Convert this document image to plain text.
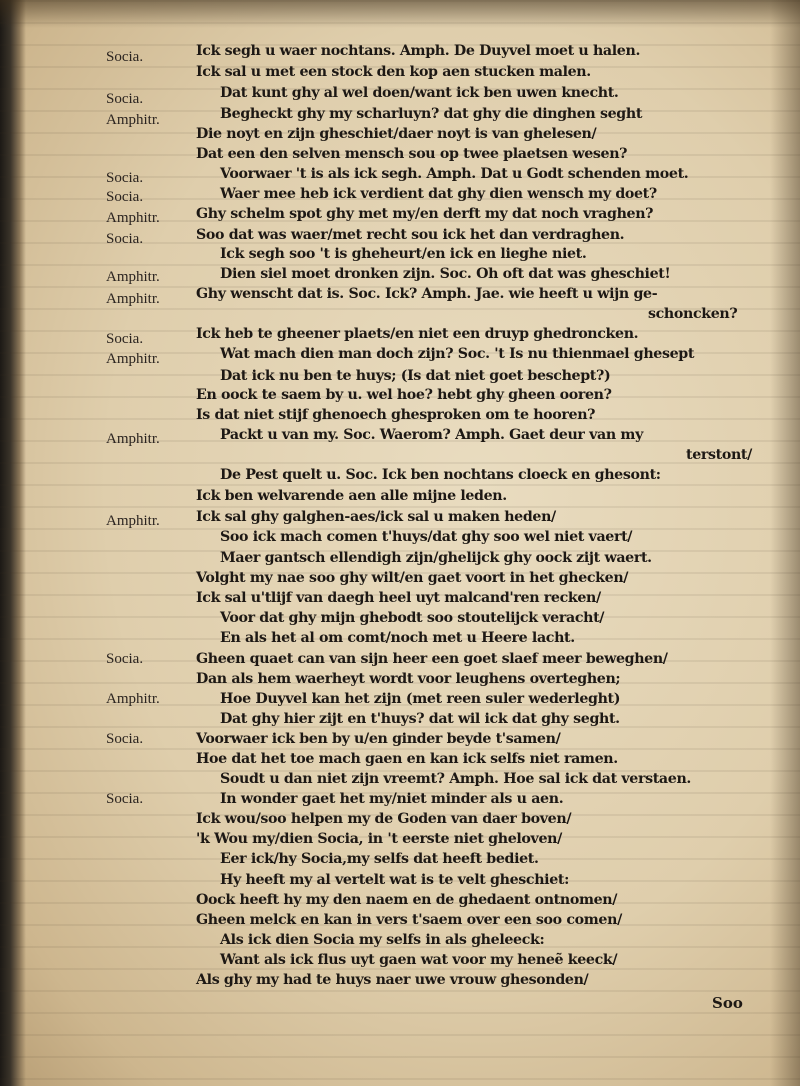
Socia.
Socia.
Amphitr.
Socia.
Socia.
Amphitr.
Socia.
Amphitr.
Amphitr.
Socia.
Amphitr.
Amphitr.
Amphitr.
Socia.
Amphitr.
Socia.
Socia.
Ick segh u waer nochtans. Amph. De Duyvel moet u halen.
Ick sal u met een stock den kop aen stucken malen.
Dat kunt ghy al wel doen/want ick ben uwen knecht.
Begheckt ghy my scharluyn? dat ghy die dinghen seght
Die noyt en zijn gheschiet/daer noyt is van ghelesen/
Dat een den selven mensch sou op twee plaetsen wesen?
Voorwaer 't is als ick segh. Amph. Dat u Godt schenden moet.
Waer mee heb ick verdient dat ghy dien wensch my doet?
Ghy schelm spot ghy met my/en derft my dat noch vraghen?
Soo dat was waer/met recht sou ick het dan verdraghen.
Ick segh soo 't is gheheurt/en ick en lieghe niet.
Dien siel moet dronken zijn. Soc. Oh oft dat was gheschiet!
Ghy wenscht dat is. Soc. Ick? Amph. Jae. wie heeft u wijn ge-
schoncken?
Ick heb te gheener plaets/en niet een druyp ghedroncken.
Wat mach dien man doch zijn? Soc. 't Is nu thienmael ghesept
Dat ick nu ben te huys; (Is dat niet goet beschept?)
En oock te saem by u. wel hoe? hebt ghy gheen ooren?
Is dat niet stijf ghenoech ghesproken om te hooren?
Packt u van my. Soc. Waerom? Amph. Gaet deur van my
terstont/
De Pest quelt u. Soc. Ick ben nochtans cloeck en ghesont:
Ick ben welvarende aen alle mijne leden.
Ick sal ghy galghen-aes/ick sal u maken heden/
Soo ick mach comen t'huys/dat ghy soo wel niet vaert/
Maer gantsch ellendigh zijn/ghelijck ghy oock zijt waert.
Volght my nae soo ghy wilt/en gaet voort in het ghecken/
Ick sal u'tlijf van daegh heel uyt malcand'ren recken/
Voor dat ghy mijn ghebodt soo stoutelijck veracht/
En als het al om comt/noch met u Heere lacht.
Gheen quaet can van sijn heer een goet slaef meer beweghen/
Dan als hem waerheyt wordt voor leughens overteghen;
Hoe Duyvel kan het zijn (met reen suler wederleght)
Dat ghy hier zijt en t'huys? dat wil ick dat ghy seght.
Voorwaer ick ben by u/en ginder beyde t'samen/
Hoe dat het toe mach gaen en kan ick selfs niet ramen.
Soudt u dan niet zijn vreemt? Amph. Hoe sal ick dat verstaen.
In wonder gaet het my/niet minder als u aen.
Ick wou/soo helpen my de Goden van daer boven/
'k Wou my/dien Socia, in 't eerste niet gheloven/
Eer ick/hy Socia,my selfs dat heeft bediet.
Hy heeft my al vertelt wat is te velt gheschiet:
Oock heeft hy my den naem en de ghedaent ontnomen/
Gheen melck en kan in vers t'saem over een soo comen/
Als ick dien Socia my selfs in als gheleeck:
Want als ick flus uyt gaen wat voor my heneẽ keeck/
Als ghy my had te huys naer uwe vrouw ghesonden/
Soo
